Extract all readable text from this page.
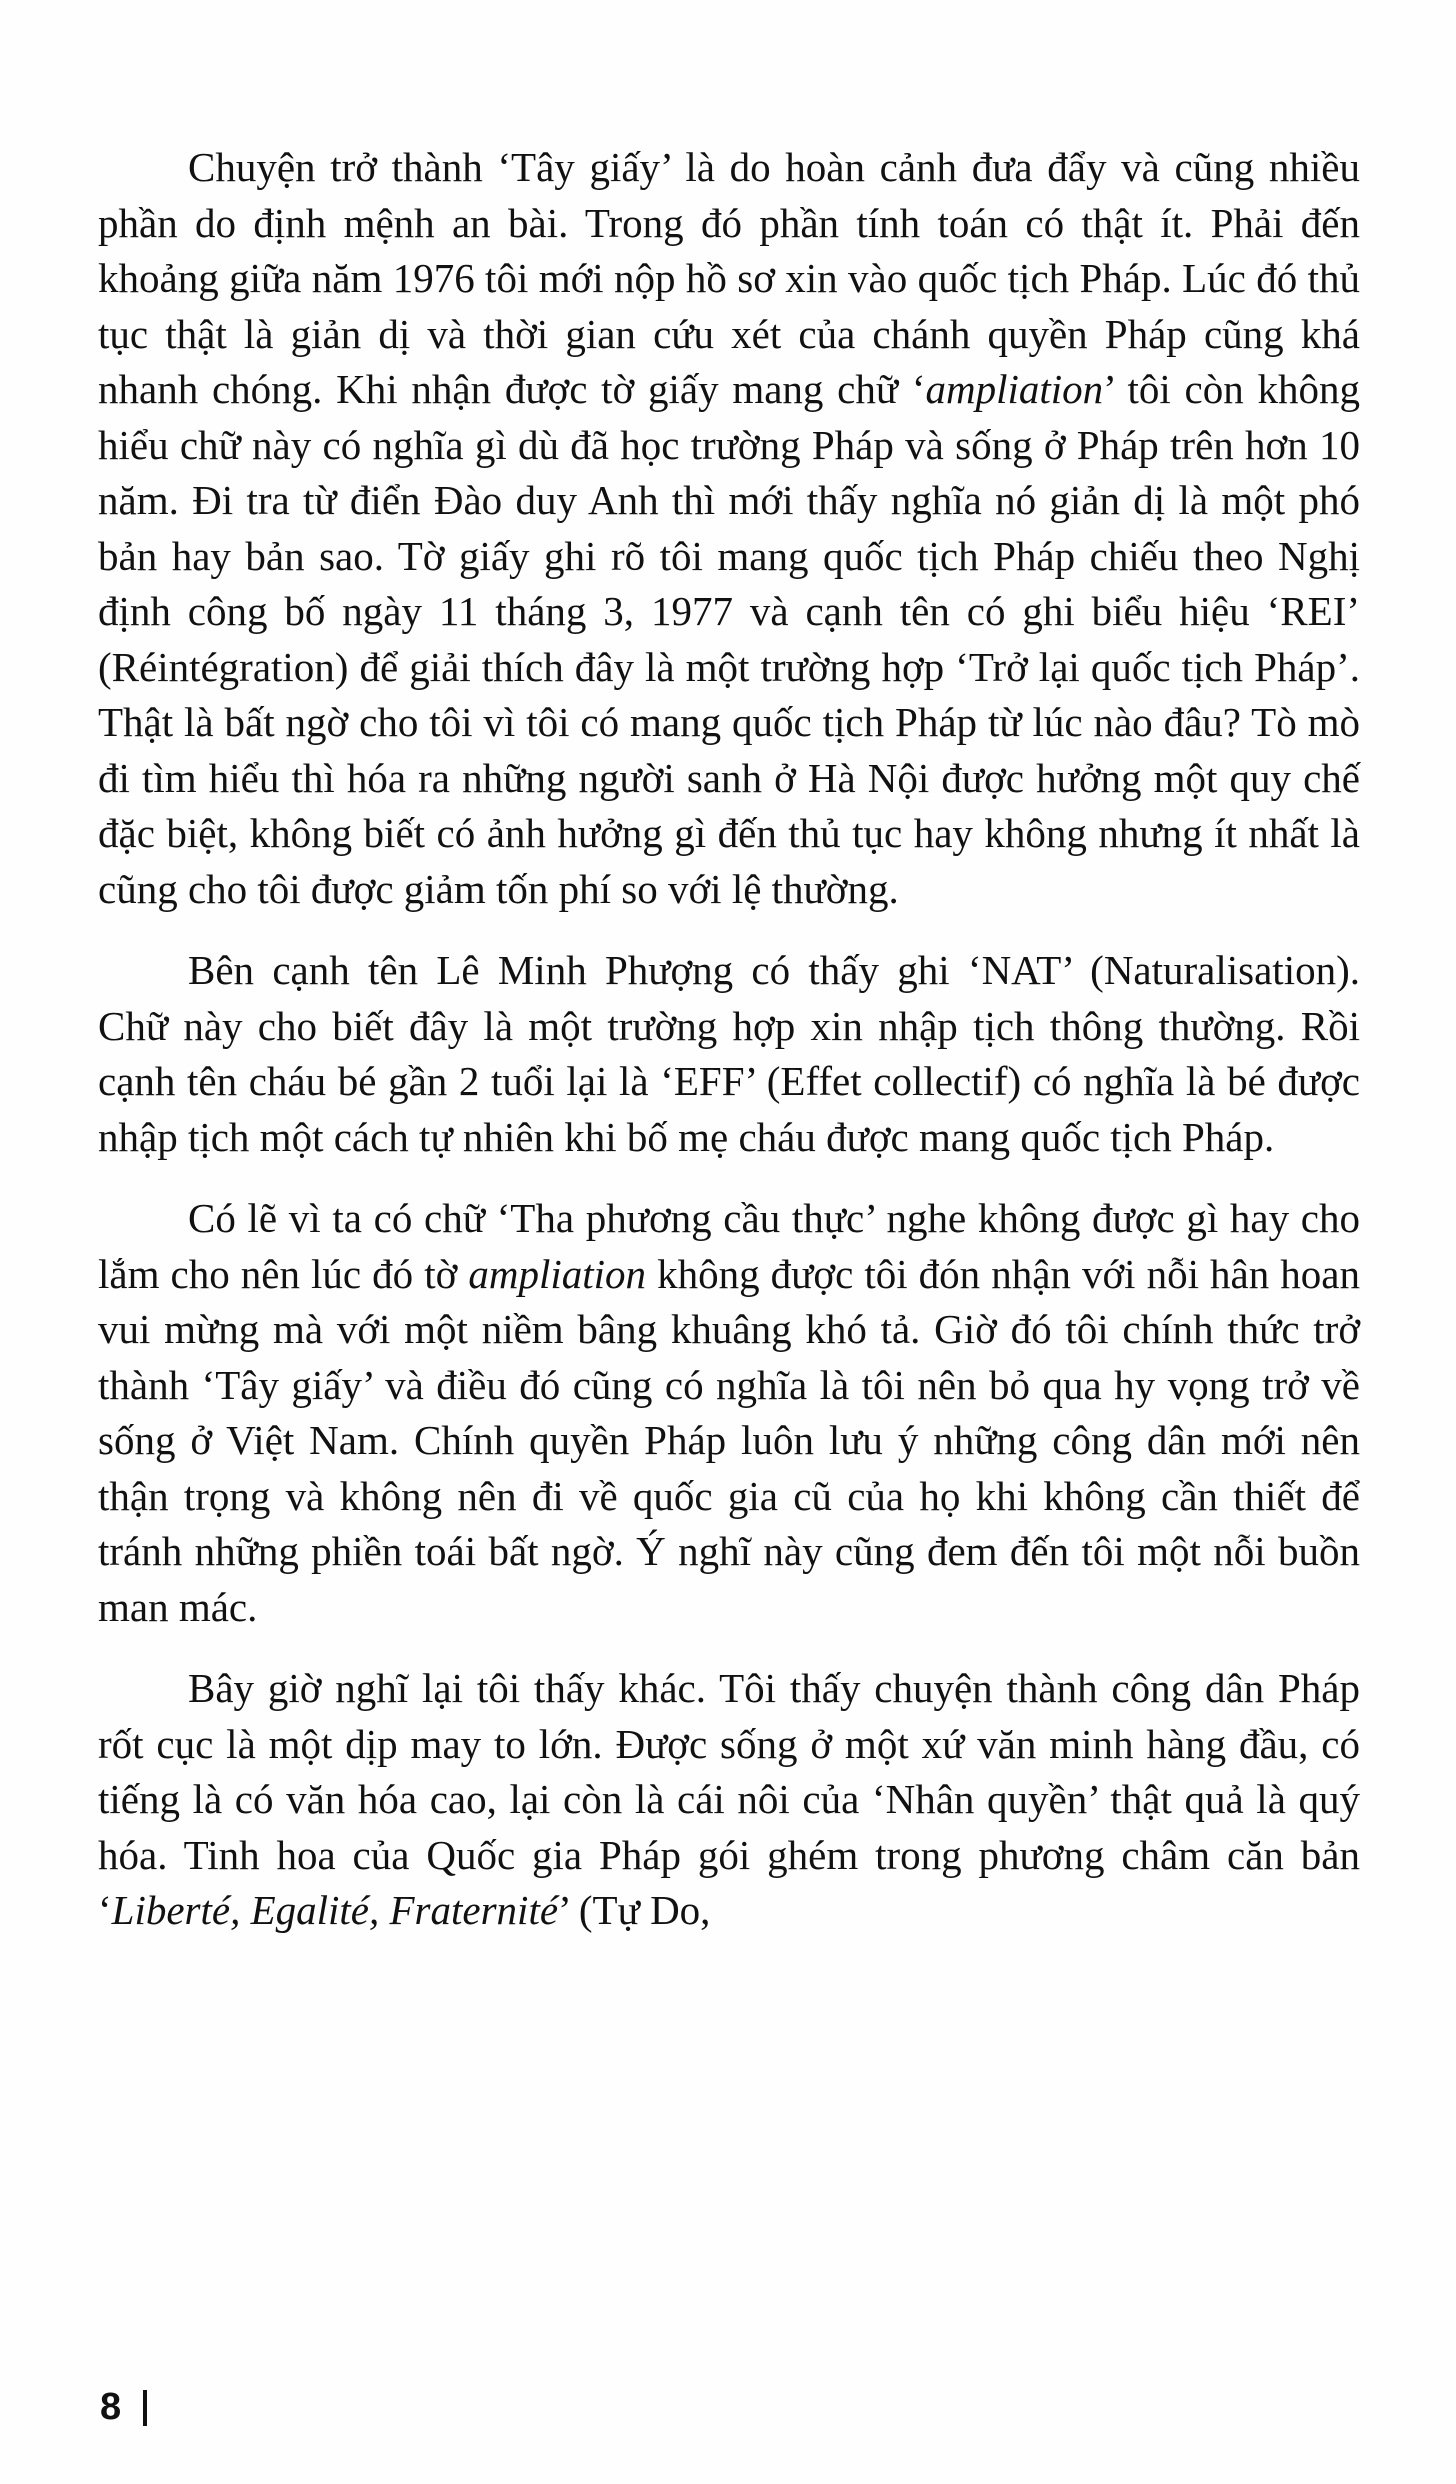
Chuyện trở thành ‘Tây giấy’ là do hoàn cảnh đưa đẩy và cũng nhiều phần do định mệnh an bài. Trong đó phần tính toán có thật ít. Phải đến khoảng giữa năm 1976 tôi mới nộp hồ sơ xin vào quốc tịch Pháp. Lúc đó thủ tục thật là giản dị và thời gian cứu xét của chánh quyền Pháp cũng khá nhanh chóng. Khi nhận được tờ giấy mang chữ ‘ampliation’ tôi còn không hiểu chữ này có nghĩa gì dù đã học trường Pháp và sống ở Pháp trên hơn 10 năm. Đi tra từ điển Đào duy Anh thì mới thấy nghĩa nó giản dị là một phó bản hay bản sao. Tờ giấy ghi rõ tôi mang quốc tịch Pháp chiếu theo Nghị định công bố ngày 11 tháng 3, 1977 và cạnh tên có ghi biểu hiệu ‘REI’ (Réintégration) để giải thích đây là một trường hợp ‘Trở lại quốc tịch Pháp’. Thật là bất ngờ cho tôi vì tôi có mang quốc tịch Pháp từ lúc nào đâu? Tò mò đi tìm hiểu thì hóa ra những người sanh ở Hà Nội được hưởng một quy chế đặc biệt, không biết có ảnh hưởng gì đến thủ tục hay không nhưng ít nhất là cũng cho tôi được giảm tốn phí so với lệ thường.

Bên cạnh tên Lê Minh Phượng có thấy ghi ‘NAT’ (Naturalisation). Chữ này cho biết đây là một trường hợp xin nhập tịch thông thường. Rồi cạnh tên cháu bé gần 2 tuổi lại là ‘EFF’ (Effet collectif) có nghĩa là bé được nhập tịch một cách tự nhiên khi bố mẹ cháu được mang quốc tịch Pháp.

Có lẽ vì ta có chữ ‘Tha phương cầu thực’ nghe không được gì hay cho lắm cho nên lúc đó tờ ampliation không được tôi đón nhận với nỗi hân hoan vui mừng mà với một niềm bâng khuâng khó tả. Giờ đó tôi chính thức trở thành ‘Tây giấy’ và điều đó cũng có nghĩa là tôi nên bỏ qua hy vọng trở về sống ở Việt Nam. Chính quyền Pháp luôn lưu ý những công dân mới nên thận trọng và không nên đi về quốc gia cũ của họ khi không cần thiết để tránh những phiền toái bất ngờ. Ý nghĩ này cũng đem đến tôi một nỗi buồn man mác.

Bây giờ nghĩ lại tôi thấy khác. Tôi thấy chuyện thành công dân Pháp rốt cục là một dịp may to lớn. Được sống ở một xứ văn minh hàng đầu, có tiếng là có văn hóa cao, lại còn là cái nôi của ‘Nhân quyền’ thật quả là quý hóa. Tinh hoa của Quốc gia Pháp gói ghém trong phương châm căn bản ‘Liberté, Egalité, Fraternité’ (Tự Do,

8
